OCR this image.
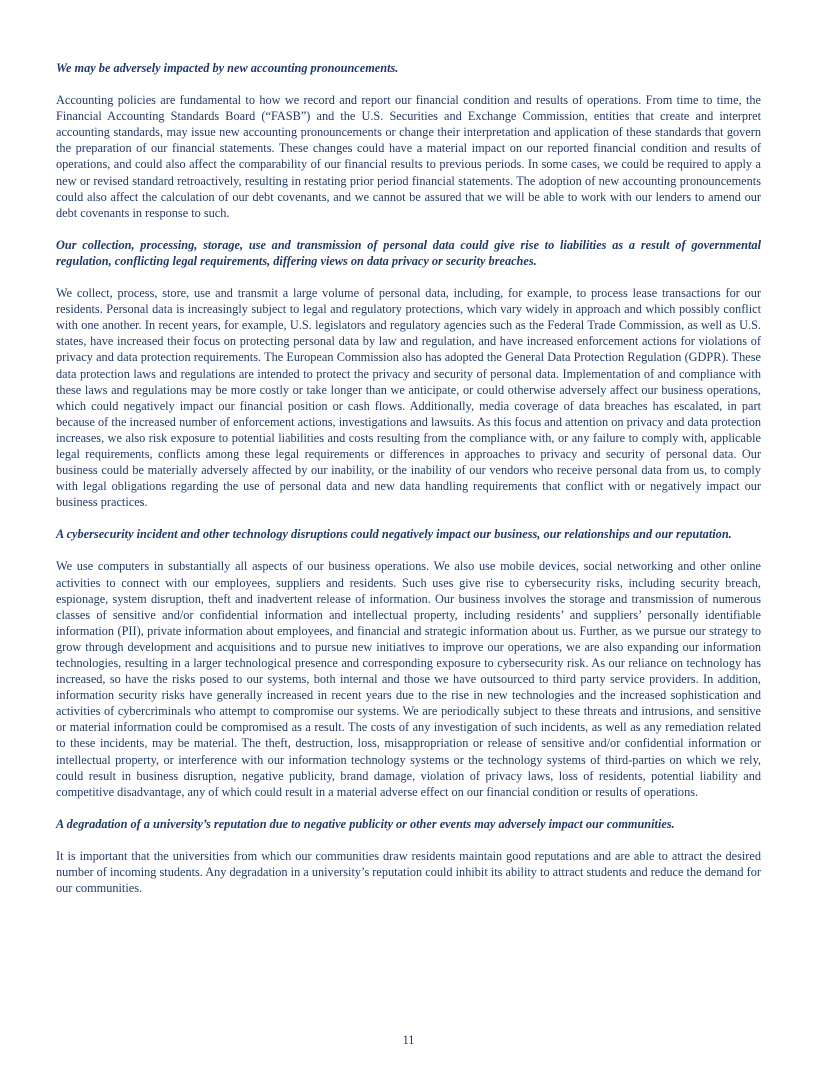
We may be adversely impacted by new accounting pronouncements.

Accounting policies are fundamental to how we record and report our financial condition and results of operations. From time to time, the Financial Accounting Standards Board (“FASB”) and the U.S. Securities and Exchange Commission, entities that create and interpret accounting standards, may issue new accounting pronouncements or change their interpretation and application of these standards that govern the preparation of our financial statements. These changes could have a material impact on our reported financial condition and results of operations, and could also affect the comparability of our financial results to previous periods. In some cases, we could be required to apply a new or revised standard retroactively, resulting in restating prior period financial statements. The adoption of new accounting pronouncements could also affect the calculation of our debt covenants, and we cannot be assured that we will be able to work with our lenders to amend our debt covenants in response to such.

Our collection, processing, storage, use and transmission of personal data could give rise to liabilities as a result of governmental regulation, conflicting legal requirements, differing views on data privacy or security breaches.

We collect, process, store, use and transmit a large volume of personal data, including, for example, to process lease transactions for our residents. Personal data is increasingly subject to legal and regulatory protections, which vary widely in approach and which possibly conflict with one another. In recent years, for example, U.S. legislators and regulatory agencies such as the Federal Trade Commission, as well as U.S. states, have increased their focus on protecting personal data by law and regulation, and have increased enforcement actions for violations of privacy and data protection requirements. The European Commission also has adopted the General Data Protection Regulation (GDPR). These data protection laws and regulations are intended to protect the privacy and security of personal data. Implementation of and compliance with these laws and regulations may be more costly or take longer than we anticipate, or could otherwise adversely affect our business operations, which could negatively impact our financial position or cash flows. Additionally, media coverage of data breaches has escalated, in part because of the increased number of enforcement actions, investigations and lawsuits. As this focus and attention on privacy and data protection increases, we also risk exposure to potential liabilities and costs resulting from the compliance with, or any failure to comply with, applicable legal requirements, conflicts among these legal requirements or differences in approaches to privacy and security of personal data. Our business could be materially adversely affected by our inability, or the inability of our vendors who receive personal data from us, to comply with legal obligations regarding the use of personal data and new data handling requirements that conflict with or negatively impact our business practices.

A cybersecurity incident and other technology disruptions could negatively impact our business, our relationships and our reputation.

We use computers in substantially all aspects of our business operations. We also use mobile devices, social networking and other online activities to connect with our employees, suppliers and residents. Such uses give rise to cybersecurity risks, including security breach, espionage, system disruption, theft and inadvertent release of information. Our business involves the storage and transmission of numerous classes of sensitive and/or confidential information and intellectual property, including residents’ and suppliers’ personally identifiable information (PII), private information about employees, and financial and strategic information about us. Further, as we pursue our strategy to grow through development and acquisitions and to pursue new initiatives to improve our operations, we are also expanding our information technologies, resulting in a larger technological presence and corresponding exposure to cybersecurity risk. As our reliance on technology has increased, so have the risks posed to our systems, both internal and those we have outsourced to third party service providers. In addition, information security risks have generally increased in recent years due to the rise in new technologies and the increased sophistication and activities of cybercriminals who attempt to compromise our systems. We are periodically subject to these threats and intrusions, and sensitive or material information could be compromised as a result. The costs of any investigation of such incidents, as well as any remediation related to these incidents, may be material. The theft, destruction, loss, misappropriation or release of sensitive and/or confidential information or intellectual property, or interference with our information technology systems or the technology systems of third-parties on which we rely, could result in business disruption, negative publicity, brand damage, violation of privacy laws, loss of residents, potential liability and competitive disadvantage, any of which could result in a material adverse effect on our financial condition or results of operations.

A degradation of a university’s reputation due to negative publicity or other events may adversely impact our communities.

It is important that the universities from which our communities draw residents maintain good reputations and are able to attract the desired number of incoming students. Any degradation in a university’s reputation could inhibit its ability to attract students and reduce the demand for our communities.

11
